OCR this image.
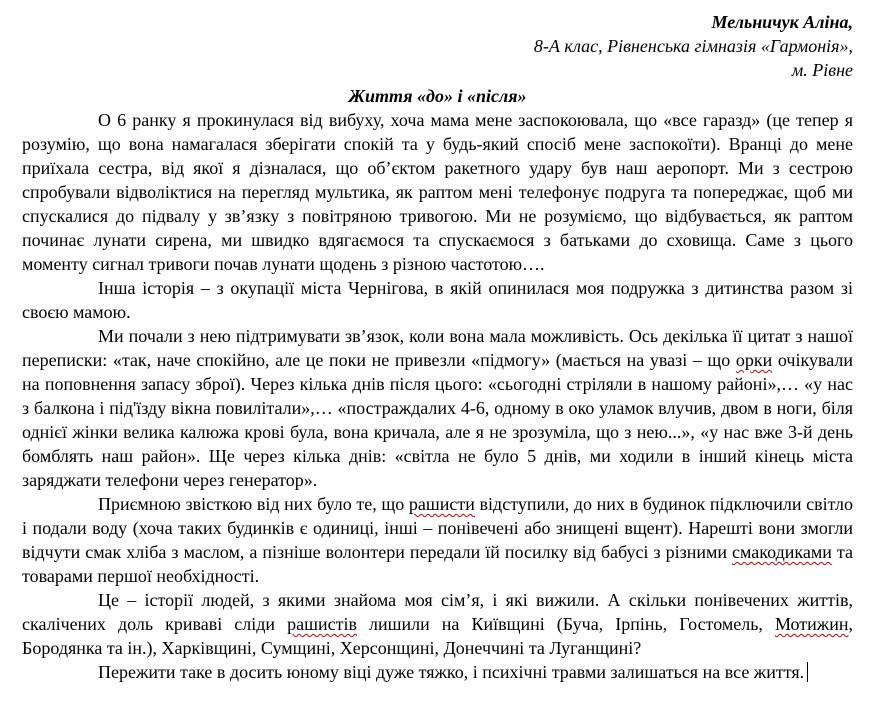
Мельничук Аліна,
8-А клас, Рівненська гімназія «Гармонія»,
м. Рівне
Життя «до» і «після»

О 6 ранку я прокинулася від вибуху, хоча мама мене заспокоювала, що «все гаразд» (це тепер я розумію, що вона намагалася зберігати спокій та у будь-який спосіб мене заспокоїти). Вранці до мене приїхала сестра, від якої я дізналася, що об’єктом ракетного удару був наш аеропорт. Ми з сестрою спробували відволіктися на перегляд мультика, як раптом мені телефонує подруга та попереджає, щоб ми спускалися до підвалу у зв’язку з повітряною тривогою. Ми не розуміємо, що відбувається, як раптом починає лунати сирена, ми швидко вдягаємося та спускаємося з батьками до сховища. Саме з цього моменту сигнал тривоги почав лунати щодень з різною частотою….

Інша історія – з окупації міста Чернігова, в якій опинилася моя подружка з дитинства разом зі своєю мамою.

Ми почали з нею підтримувати зв’язок, коли вона мала можливість. Ось декілька її цитат з нашої переписки: «так, наче спокійно, але це поки не привезли «підмогу» (мається на увазі – що орки очікували на поповнення запасу зброї). Через кілька днів після цього: «сьогодні стріляли в нашому районі»,… «у нас з балкона і під'їзду вікна повилітали»,… «постраждалих 4-6, одному в око уламок влучив, двом в ноги, біля однієї жінки велика калюжа крові була, вона кричала, але я не зрозуміла, що з нею...», «у нас вже 3-й день бомблять наш район». Ще через кілька днів: «світла не було 5 днів, ми ходили в інший кінець міста заряджати телефони через генератор».

Приємною звісткою від них було те, що рашисти відступили, до них в будинок підключили світло і подали воду (хоча таких будинків є одиниці, інші – понівечені або знищені вщент). Нарешті вони змогли відчути смак хліба з маслом, а пізніше волонтери передали їй посилку від бабусі з різними смакодиками та товарами першої необхідності.

Це – історії людей, з якими знайома моя сім’я, і які вижили. А скільки понівечених життів, скалічених доль криваві сліди рашистів лишили на Київщині (Буча, Ірпінь, Гостомель, Мотижин, Бородянка та ін.), Харківщині, Сумщині, Херсонщині, Донеччині та Луганщині?

Пережити таке в досить юному віці дуже тяжко, і психічні травми залишаться на все життя.
